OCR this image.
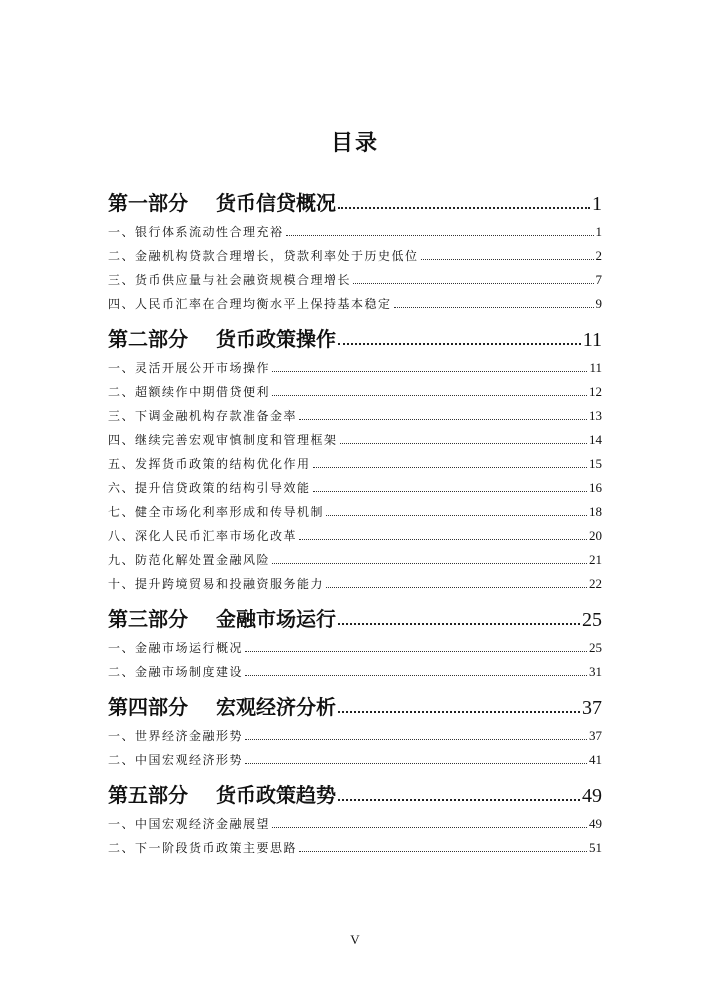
目录
第一部分 货币信贷概况	1
一、银行体系流动性合理充裕	1
二、金融机构贷款合理增长，贷款利率处于历史低位	2
三、货币供应量与社会融资规模合理增长	7
四、人民币汇率在合理均衡水平上保持基本稳定	9
第二部分 货币政策操作	11
一、灵活开展公开市场操作	11
二、超额续作中期借贷便利	12
三、下调金融机构存款准备金率	13
四、继续完善宏观审慎制度和管理框架	14
五、发挥货币政策的结构优化作用	15
六、提升信贷政策的结构引导效能	16
七、健全市场化利率形成和传导机制	18
八、深化人民币汇率市场化改革	20
九、防范化解处置金融风险	21
十、提升跨境贸易和投融资服务能力	22
第三部分 金融市场运行	25
一、金融市场运行概况	25
二、金融市场制度建设	31
第四部分 宏观经济分析	37
一、世界经济金融形势	37
二、中国宏观经济形势	41
第五部分 货币政策趋势	49
一、中国宏观经济金融展望	49
二、下一阶段货币政策主要思路	51
V
